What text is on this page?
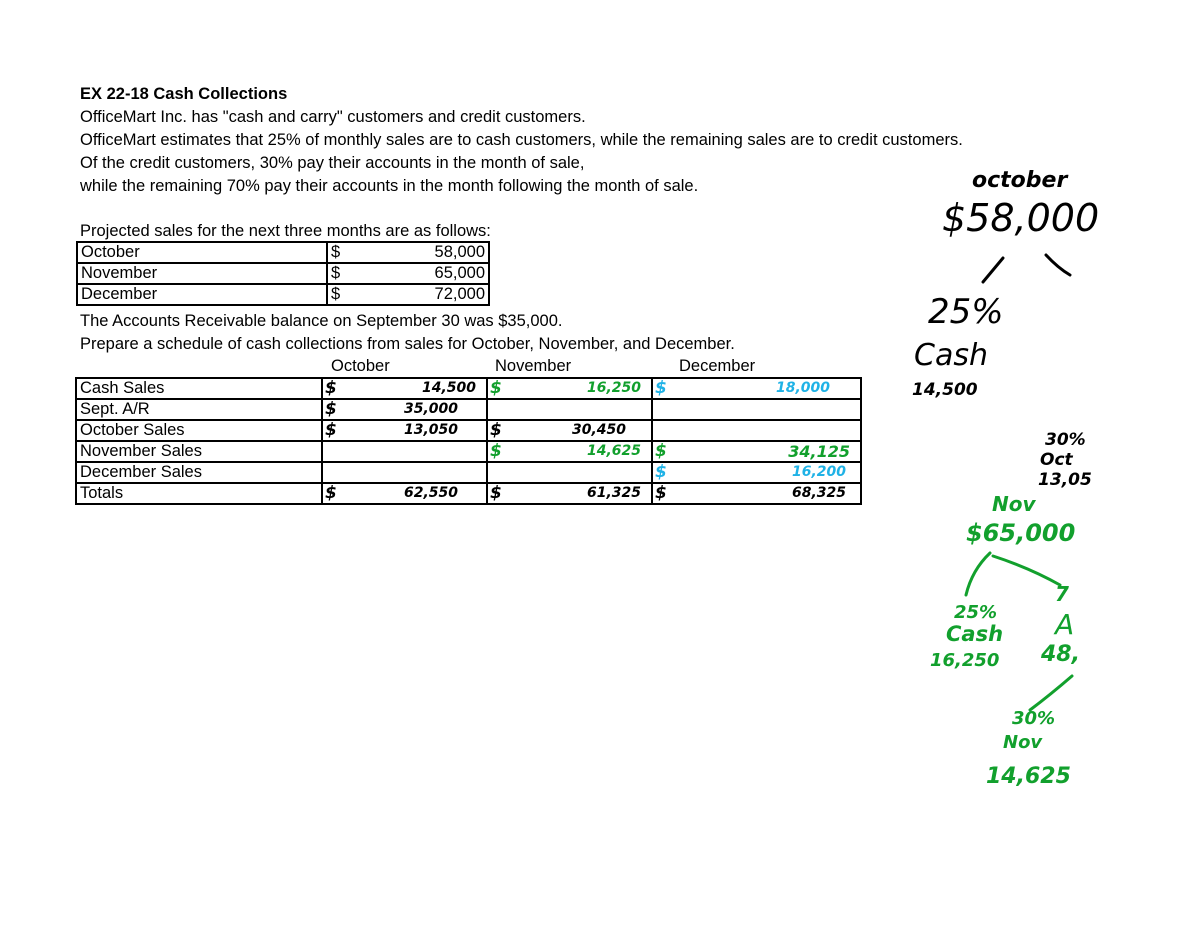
EX 22-18 Cash Collections
OfficeMart Inc. has "cash and carry" customers and credit customers.
OfficeMart estimates that 25% of monthly sales are to cash customers, while the remaining sales are to credit customers.
Of the credit customers, 30% pay their accounts in the month of sale,
while the remaining 70% pay their accounts in the month following the month of sale.
Projected sales for the next three months are as follows:
October	$	58,000
November	$	65,000
December	$	72,000
The Accounts Receivable balance on September 30 was $35,000.
Prepare a schedule of cash collections from sales for October, November, and December.
October	November	December
Cash Sales	$ 14,500	$ 16,250	$ 18,000

Sept. A/R	$ 35,000		

October Sales	$ 13,050	$ 30,450	

November Sales		$ 14,625	$ 34,125

December Sales			$ 16,200

Totals	$ 62,550	$ 61,325	$ 68,325
october
$58,000
25%
Cash
14,500
30%
Oct
13,05
Nov
$65,000
25%
Cash
16,250
7
A
48,
30%
Nov
14,625
